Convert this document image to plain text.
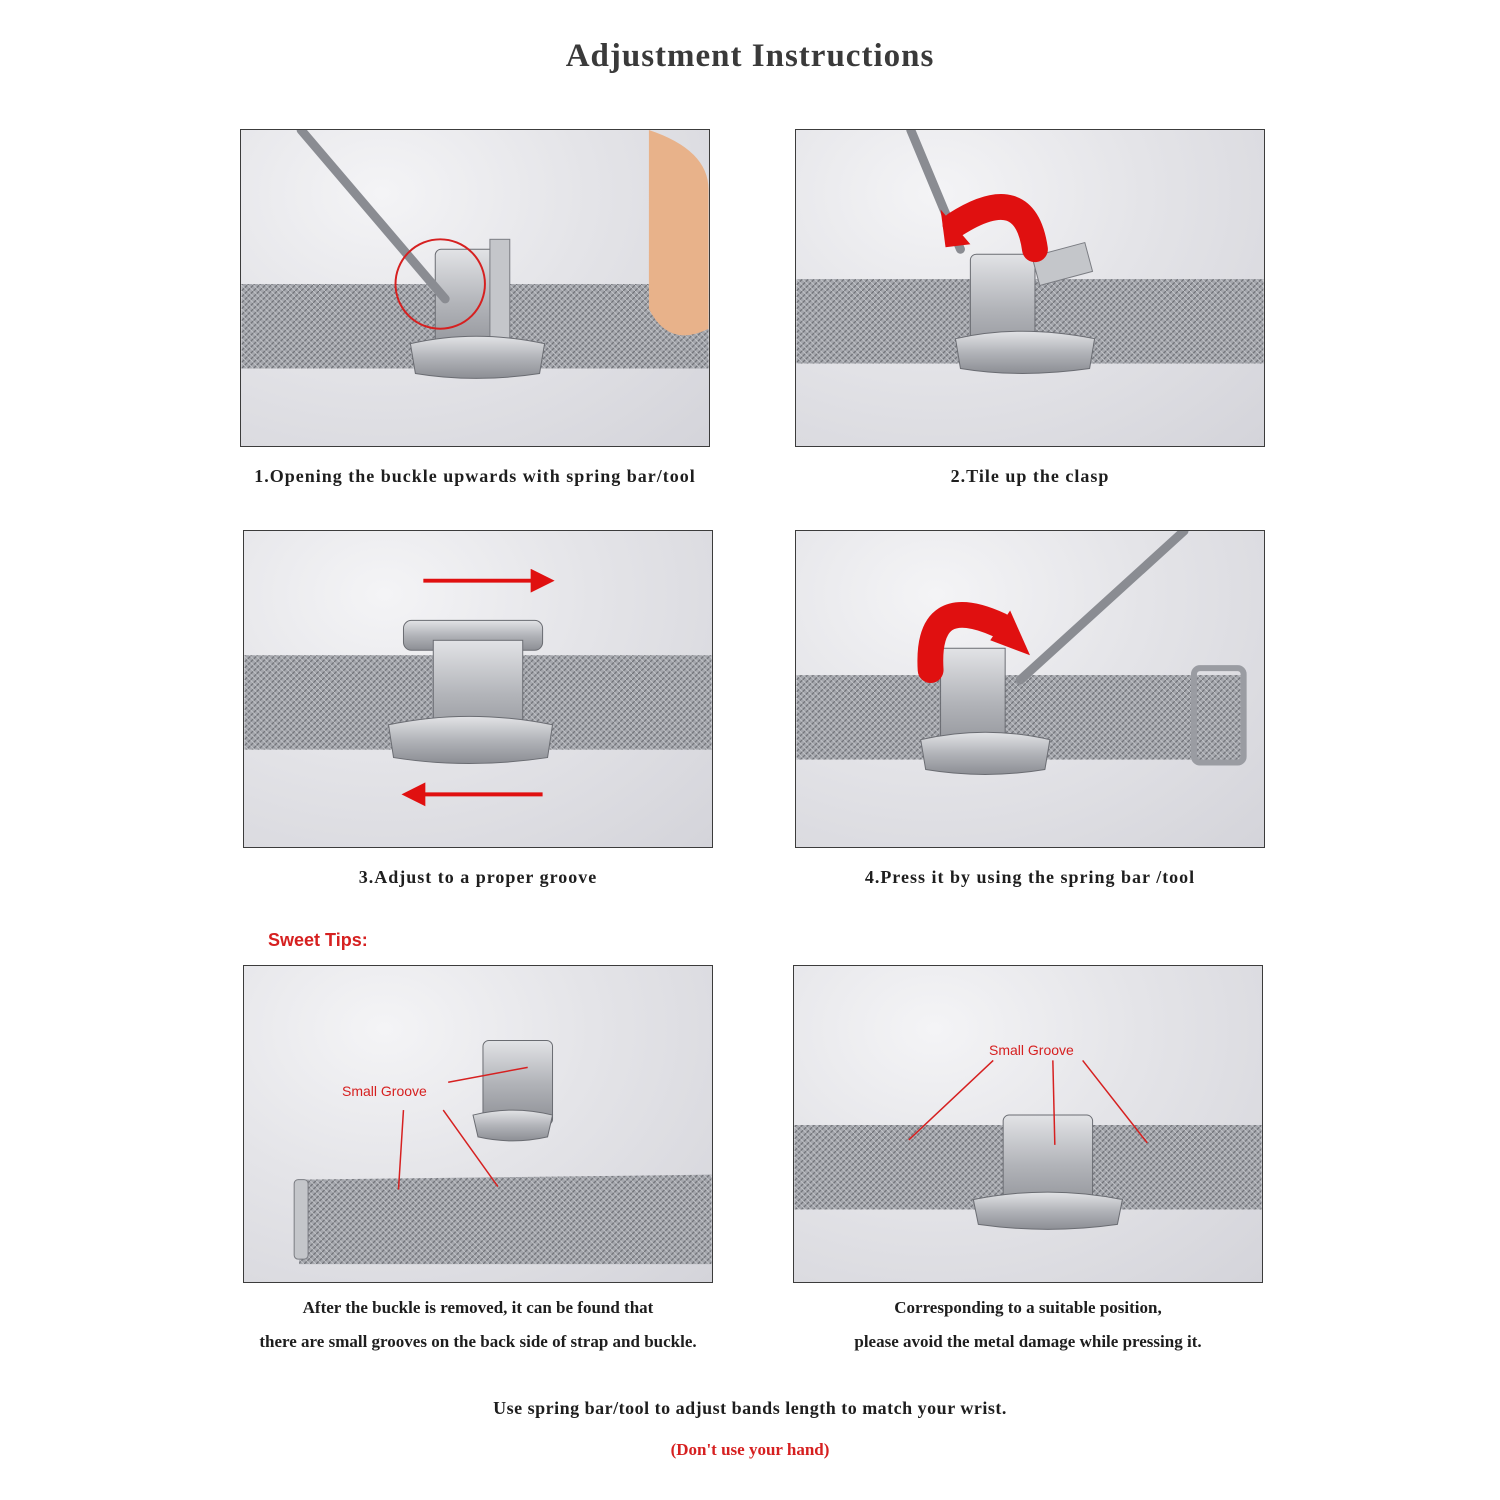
Adjustment Instructions
1.Opening the buckle upwards with spring bar/tool	2.Tile up the clasp
3.Adjust to a proper groove	4.Press it by using the spring bar /tool
Sweet Tips:
Small Groove
After the buckle is removed, it can be found that
there are small grooves on the back side of strap and buckle.
Small Groove
Corresponding to a suitable position,
please avoid the metal damage while pressing it.
Use spring bar/tool to adjust bands length to match your wrist.
(Don't use your hand)
